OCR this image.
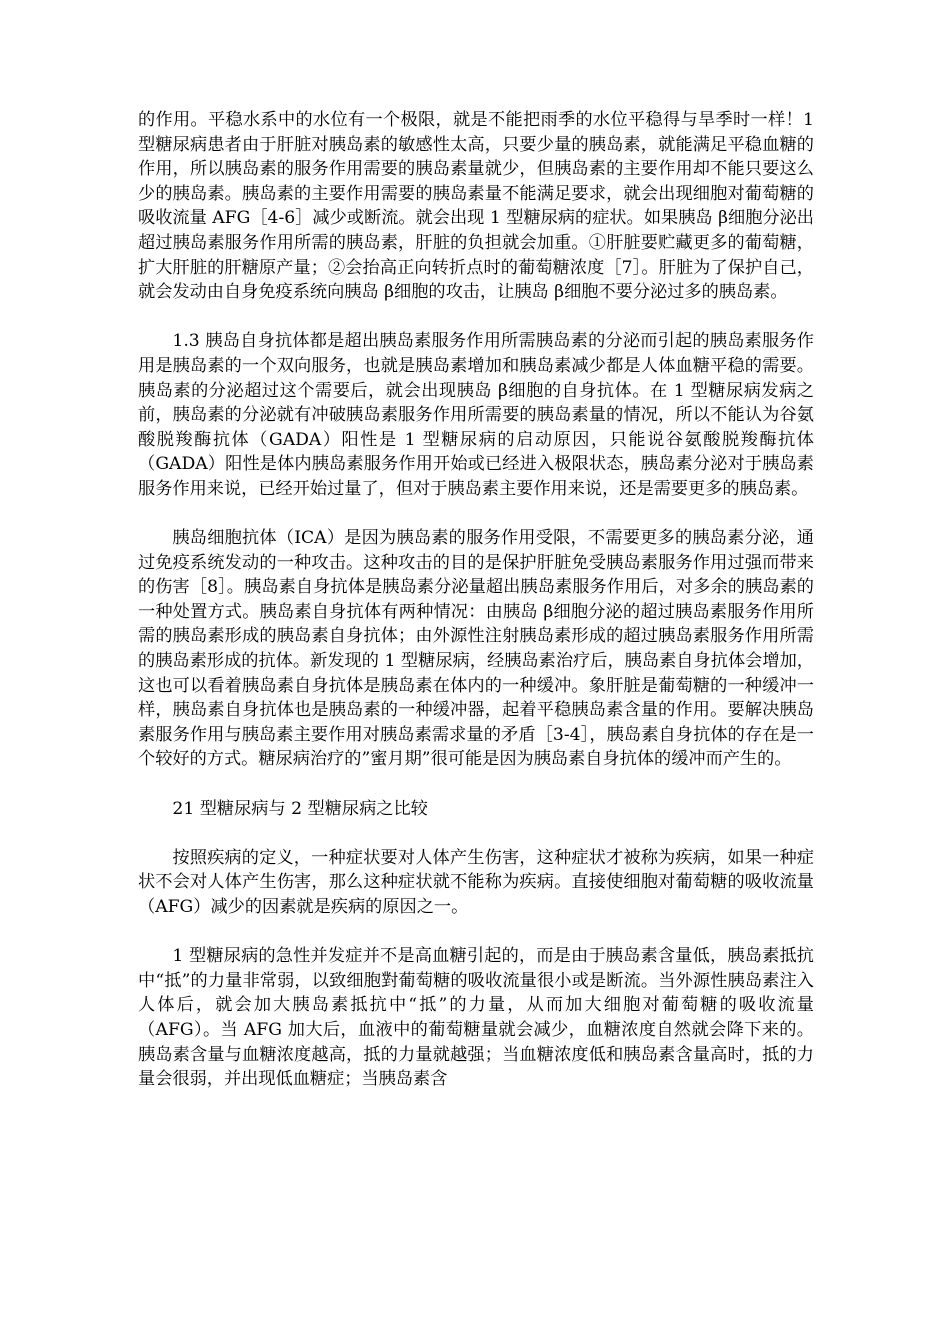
的作用。平稳水系中的水位有一个极限，就是不能把雨季的水位平稳得与旱季时一样！1 型糖尿病患者由于肝脏对胰岛素的敏感性太高，只要少量的胰岛素，就能满足平稳血糖的作用，所以胰岛素的服务作用需要的胰岛素量就少，但胰岛素的主要作用却不能只要这么少的胰岛素。胰岛素的主要作用需要的胰岛素量不能满足要求，就会出现细胞对葡萄糖的吸收流量 AFG［4-6］减少或断流。就会出现 1 型糖尿病的症状。如果胰岛 β细胞分泌出超过胰岛素服务作用所需的胰岛素，肝脏的负担就会加重。①肝脏要贮藏更多的葡萄糖，扩大肝脏的肝糖原产量；②会抬高正向转折点时的葡萄糖浓度［7］。肝脏为了保护自己，就会发动由自身免疫系统向胰岛 β细胞的攻击，让胰岛 β细胞不要分泌过多的胰岛素。

1.3 胰岛自身抗体都是超出胰岛素服务作用所需胰岛素的分泌而引起的胰岛素服务作用是胰岛素的一个双向服务，也就是胰岛素增加和胰岛素减少都是人体血糖平稳的需要。胰岛素的分泌超过这个需要后，就会出现胰岛 β细胞的自身抗体。在 1 型糖尿病发病之前，胰岛素的分泌就有冲破胰岛素服务作用所需要的胰岛素量的情况，所以不能认为谷氨酸脱羧酶抗体（GADA）阳性是 1 型糖尿病的启动原因，只能说谷氨酸脱羧酶抗体（GADA）阳性是体内胰岛素服务作用开始或已经进入极限状态，胰岛素分泌对于胰岛素服务作用来说，已经开始过量了，但对于胰岛素主要作用来说，还是需要更多的胰岛素。

胰岛细胞抗体（ICA）是因为胰岛素的服务作用受限，不需要更多的胰岛素分泌，通过免疫系统发动的一种攻击。这种攻击的目的是保护肝脏免受胰岛素服务作用过强而带来的伤害［8］。胰岛素自身抗体是胰岛素分泌量超出胰岛素服务作用后，对多余的胰岛素的一种处置方式。胰岛素自身抗体有两种情况：由胰岛 β细胞分泌的超过胰岛素服务作用所需的胰岛素形成的胰岛素自身抗体；由外源性注射胰岛素形成的超过胰岛素服务作用所需的胰岛素形成的抗体。新发现的 1 型糖尿病，经胰岛素治疗后，胰岛素自身抗体会增加，这也可以看着胰岛素自身抗体是胰岛素在体内的一种缓冲。象肝脏是葡萄糖的一种缓冲一样，胰岛素自身抗体也是胰岛素的一种缓冲器，起着平稳胰岛素含量的作用。要解决胰岛素服务作用与胰岛素主要作用对胰岛素需求量的矛盾［3-4］，胰岛素自身抗体的存在是一个较好的方式。糖尿病治疗的”蜜月期”很可能是因为胰岛素自身抗体的缓冲而产生的。

21 型糖尿病与 2 型糖尿病之比较

按照疾病的定义，一种症状要对人体产生伤害，这种症状才被称为疾病，如果一种症状不会对人体产生伤害，那么这种症状就不能称为疾病。直接使细胞对葡萄糖的吸收流量（AFG）减少的因素就是疾病的原因之一。

1 型糖尿病的急性并发症并不是高血糖引起的，而是由于胰岛素含量低，胰岛素抵抗中“抵”的力量非常弱，以致细胞對葡萄糖的吸收流量很小或是断流。当外源性胰岛素注入人体后，就会加大胰岛素抵抗中“抵”的力量，从而加大细胞对葡萄糖的吸收流量（AFG）。当 AFG 加大后，血液中的葡萄糖量就会减少，血糖浓度自然就会降下来的。胰岛素含量与血糖浓度越高，抵的力量就越强；当血糖浓度低和胰岛素含量高时，抵的力量会很弱，并出现低血糖症；当胰岛素含
